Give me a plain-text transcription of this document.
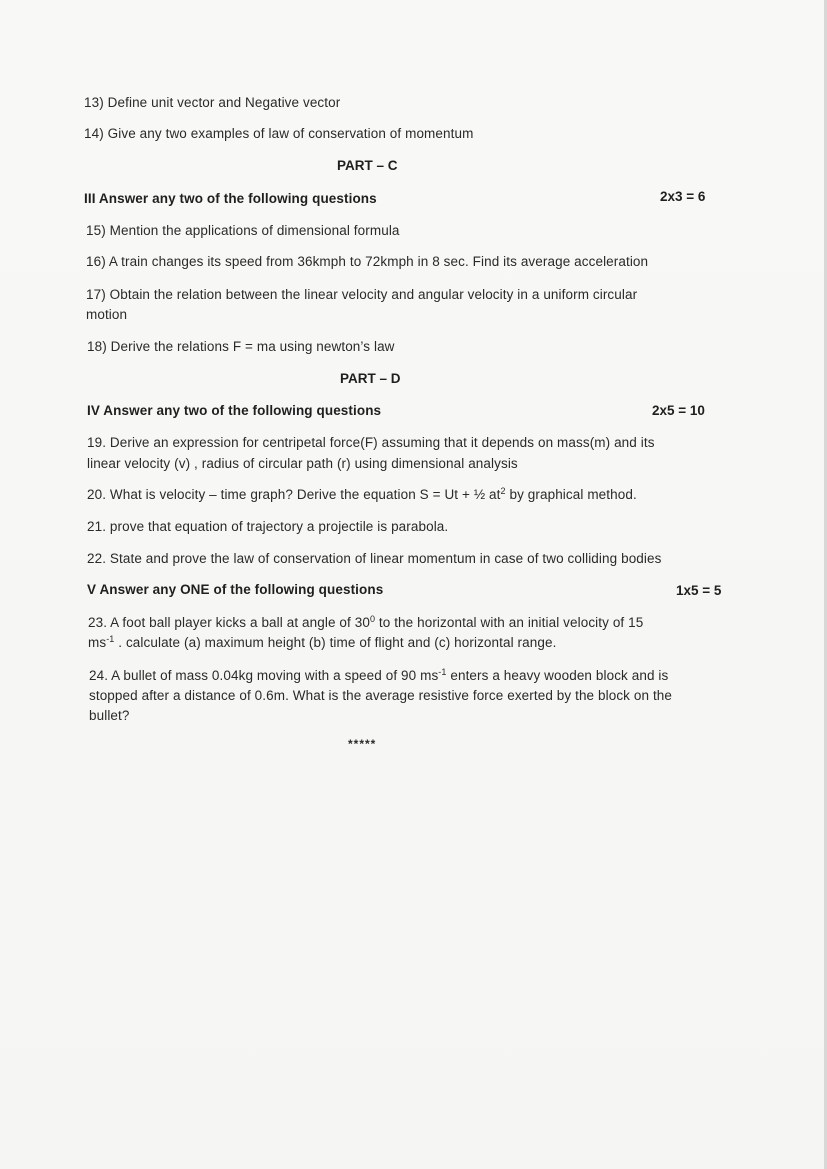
13) Define unit vector and Negative vector
14) Give any two examples of law of conservation of momentum
PART – C
III Answer any two of the following questions	2x3 = 6
15) Mention the applications of dimensional formula
16) A train changes its speed from 36kmph to 72kmph in 8 sec. Find its average acceleration
17) Obtain the relation between the linear velocity and angular velocity in a uniform circular
motion
18) Derive the relations F = ma using newton’s law
PART – D
IV Answer any two of the following questions	2x5 = 10
19. Derive an expression for centripetal force(F) assuming that it depends on mass(m) and its
linear velocity (v) , radius of circular path (r) using dimensional analysis
20. What is velocity – time graph? Derive the equation S = Ut + ½ $at^2$ by graphical method.
21. prove that equation of trajectory a projectile is parabola.
22. State and prove the law of conservation of linear momentum in case of two colliding bodies
V Answer any ONE of the following questions	1x5 = 5
23. A foot ball player kicks a ball at angle of $30^0$ to the horizontal with an initial velocity of 15
$ms^{-1}$ . calculate (a) maximum height (b) time of flight and (c) horizontal range.
24. A bullet of mass 0.04kg moving with a speed of 90 $ms^{-1}$ enters a heavy wooden block and is
stopped after a distance of 0.6m. What is the average resistive force exerted by the block on the
bullet?
*****
